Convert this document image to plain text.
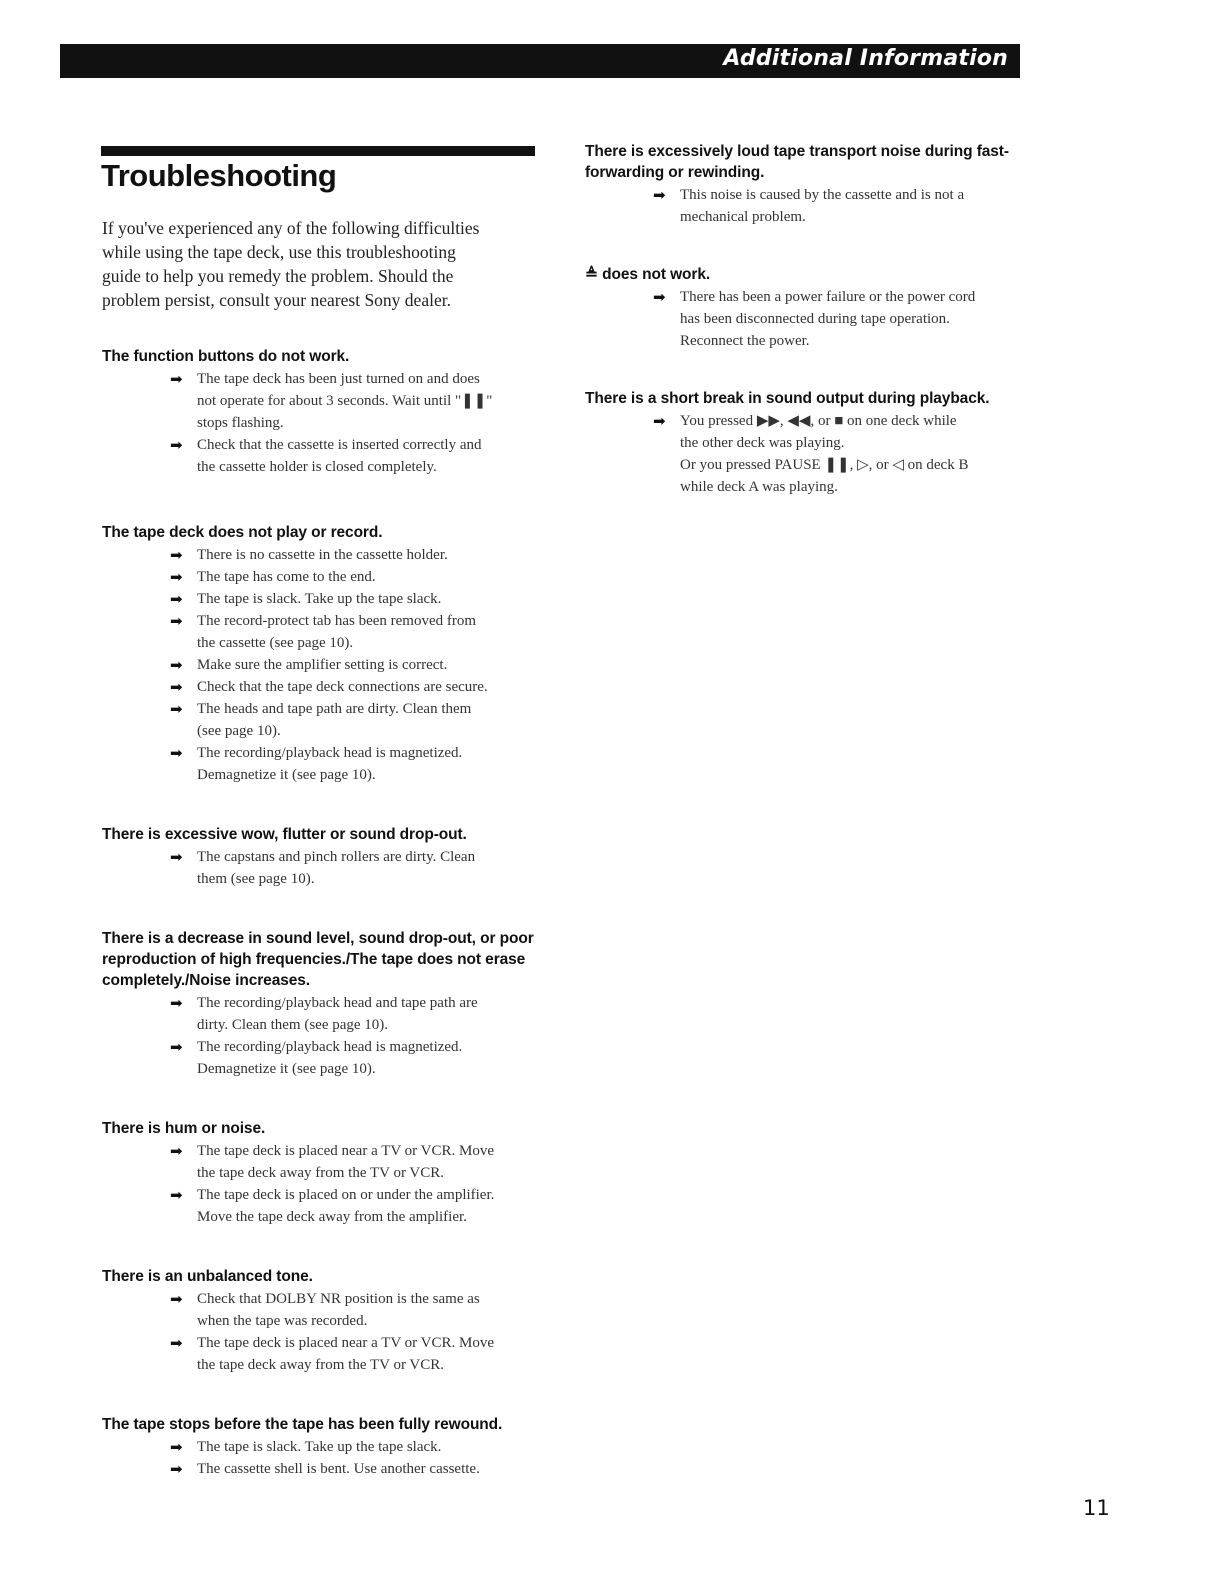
Additional Information
Troubleshooting

If you've experienced any of the following difficulties
while using the tape deck, use this troubleshooting
guide to help you remedy the problem. Should the
problem persist, consult your nearest Sony dealer.

The function buttons do not work.
➡ The tape deck has been just turned on and does
not operate for about 3 seconds. Wait until "❚❚"
stops flashing.
➡ Check that the cassette is inserted correctly and
the cassette holder is closed completely.
The tape deck does not play or record.
➡ There is no cassette in the cassette holder.
➡ The tape has come to the end.
➡ The tape is slack. Take up the tape slack.
➡ The record-protect tab has been removed from
the cassette (see page 10).
➡ Make sure the amplifier setting is correct.
➡ Check that the tape deck connections are secure.
➡ The heads and tape path are dirty. Clean them
(see page 10).
➡ The recording/playback head is magnetized.
Demagnetize it (see page 10).
There is excessive wow, flutter or sound drop-out.
➡ The capstans and pinch rollers are dirty. Clean
them (see page 10).
There is a decrease in sound level, sound drop-out, or poor
reproduction of high frequencies./The tape does not erase
completely./Noise increases.
➡ The recording/playback head and tape path are
dirty. Clean them (see page 10).
➡ The recording/playback head is magnetized.
Demagnetize it (see page 10).
There is hum or noise.
➡ The tape deck is placed near a TV or VCR. Move
the tape deck away from the TV or VCR.
➡ The tape deck is placed on or under the amplifier.
Move the tape deck away from the amplifier.
There is an unbalanced tone.
➡ Check that DOLBY NR position is the same as
when the tape was recorded.
➡ The tape deck is placed near a TV or VCR. Move
the tape deck away from the TV or VCR.
The tape stops before the tape has been fully rewound.
➡ The tape is slack. Take up the tape slack.
➡ The cassette shell is bent. Use another cassette.
There is excessively loud tape transport noise during fast-
forwarding or rewinding.
➡ This noise is caused by the cassette and is not a
mechanical problem.
≜ does not work.
➡ There has been a power failure or the power cord
has been disconnected during tape operation.
Reconnect the power.
There is a short break in sound output during playback.
➡ You pressed ▶▶, ◀◀, or ■ on one deck while
the other deck was playing.
Or you pressed PAUSE ❚❚, ▷, or ◁ on deck B
while deck A was playing.
11
